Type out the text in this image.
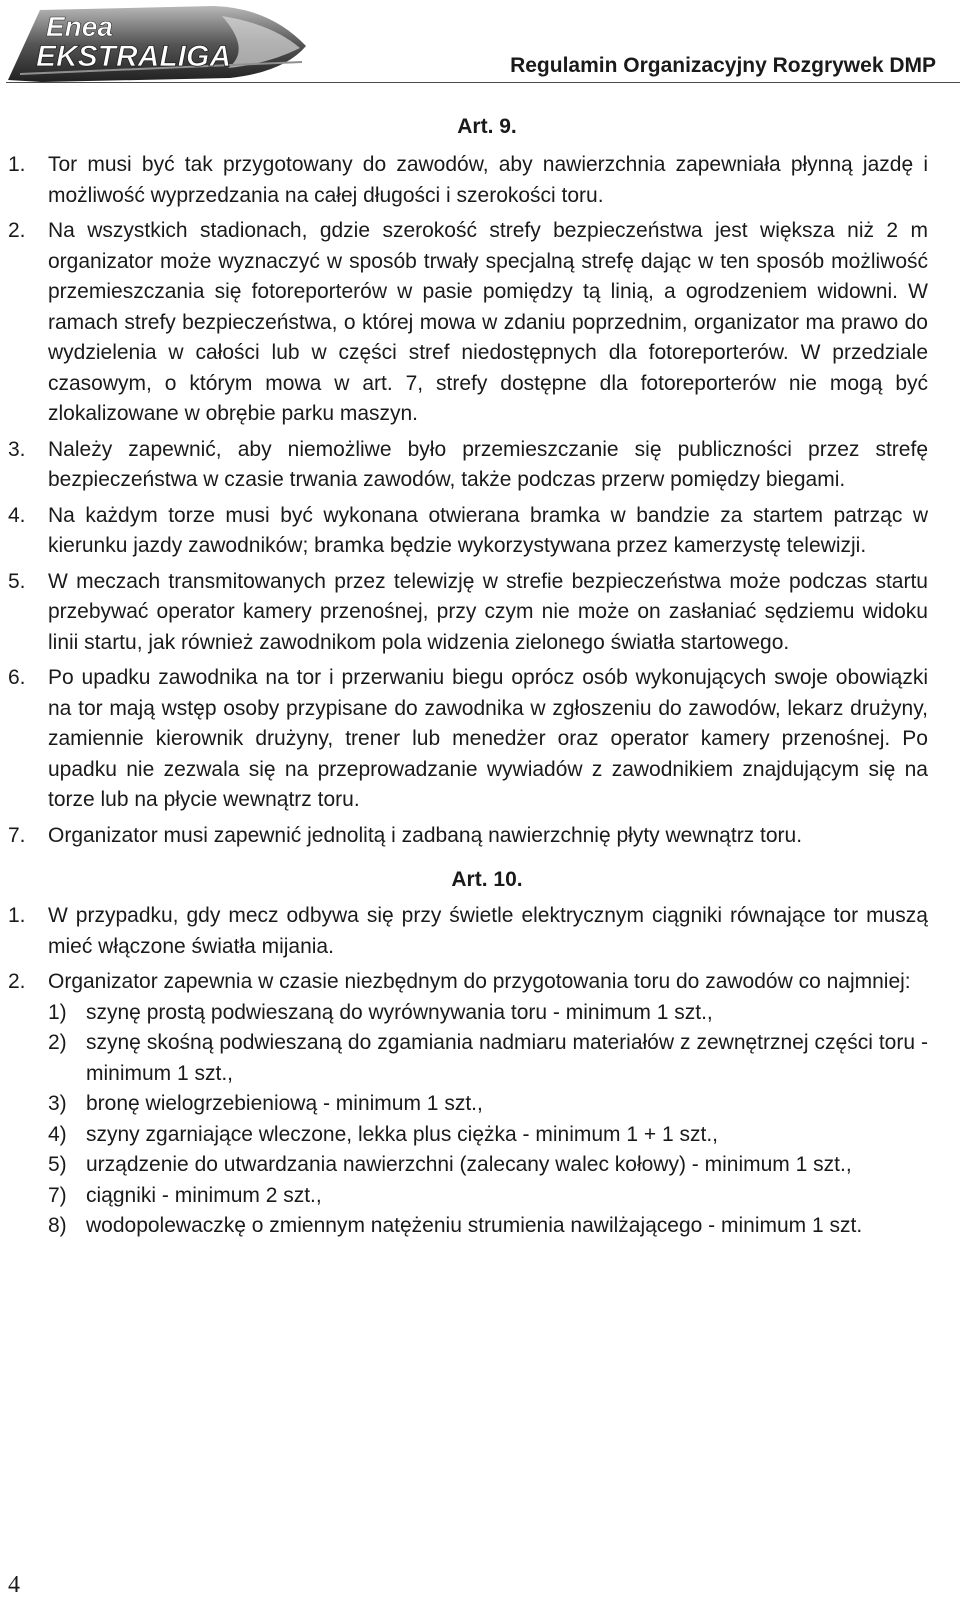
Enea
EKSTRALIGA	Regulamin Organizacyjny Rozgrywek DMP
Art. 9.
1.	Tor musi być tak przygotowany do zawodów, aby nawierzchnia zapewniała płynną jazdę i możliwość wyprzedzania na całej długości i szerokości toru.
2.	Na wszystkich stadionach, gdzie szerokość strefy bezpieczeństwa jest większa niż 2 m organizator może wyznaczyć w sposób trwały specjalną strefę dając w ten sposób możliwość przemieszczania się fotoreporterów w pasie pomiędzy tą linią, a ogrodzeniem widowni. W ramach strefy bezpieczeństwa, o której mowa w zdaniu poprzednim, organizator ma prawo do wydzielenia w całości lub w części stref niedostępnych dla fotoreporterów. W przedziale czasowym, o którym mowa w art. 7, strefy dostępne dla fotoreporterów nie mogą być zlokalizowane w obrębie parku maszyn.
3.	Należy zapewnić, aby niemożliwe było przemieszczanie się publiczności przez strefę bezpieczeństwa w czasie trwania zawodów, także podczas przerw pomiędzy biegami.
4.	Na każdym torze musi być wykonana otwierana bramka w bandzie za startem patrząc w kierunku jazdy zawodników; bramka będzie wykorzystywana przez kamerzystę telewizji.
5.	W meczach transmitowanych przez telewizję w strefie bezpieczeństwa może podczas startu przebywać operator kamery przenośnej, przy czym nie może on zasłaniać sędziemu widoku linii startu, jak również zawodnikom pola widzenia zielonego światła startowego.
6.	Po upadku zawodnika na tor i przerwaniu biegu oprócz osób wykonujących swoje obowiązki na tor mają wstęp osoby przypisane do zawodnika w zgłoszeniu do zawodów, lekarz drużyny, zamiennie kierownik drużyny, trener lub menedżer oraz operator kamery przenośnej. Po upadku nie zezwala się na przeprowadzanie wywiadów z zawodnikiem znajdującym się na torze lub na płycie wewnątrz toru.
7.	Organizator musi zapewnić jednolitą i zadbaną nawierzchnię płyty wewnątrz toru.
Art. 10.
1.	W przypadku, gdy mecz odbywa się przy świetle elektrycznym ciągniki równające tor muszą mieć włączone światła mijania.
2.	Organizator zapewnia w czasie niezbędnym do przygotowania toru do zawodów co najmniej:
1) szynę prostą podwieszaną do wyrównywania toru - minimum 1 szt.,
2) szynę skośną podwieszaną do zgamiania nadmiaru materiałów z zewnętrznej części toru - minimum 1 szt.,
3) bronę wielogrzebieniową - minimum 1 szt.,
4) szyny zgarniające wleczone, lekka plus ciężka - minimum 1 + 1 szt.,
5) urządzenie do utwardzania nawierzchni (zalecany walec kołowy) - minimum 1 szt.,
7) ciągniki - minimum 2 szt.,
8) wodopolewaczkę o zmiennym natężeniu strumienia nawilżającego - minimum 1 szt.
4
